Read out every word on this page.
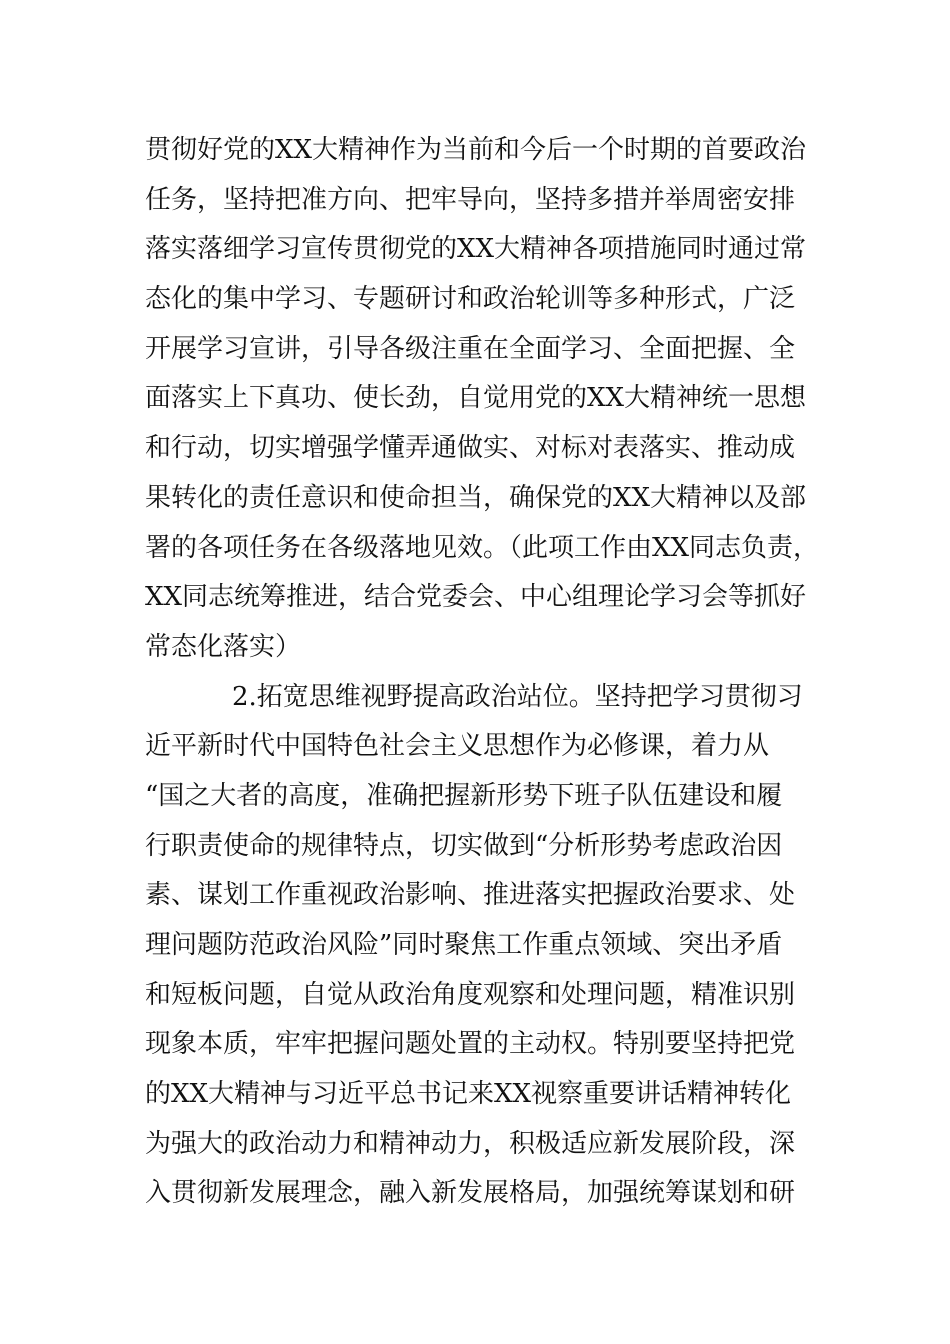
贯彻好党的XX大精神作为当前和今后一个时期的首要政治
任务，坚持把准方向、把牢导向，坚持多措并举周密安排
落实落细学习宣传贯彻党的XX大精神各项措施同时通过常
态化的集中学习、专题研讨和政治轮训等多种形式，广泛
开展学习宣讲，引导各级注重在全面学习、全面把握、全
面落实上下真功、使长劲，自觉用党的XX大精神统一思想
和行动，切实增强学懂弄通做实、对标对表落实、推动成
果转化的责任意识和使命担当，确保党的XX大精神以及部
署的各项任务在各级落地见效。（此项工作由XX同志负责，
XX同志统筹推进，结合党委会、中心组理论学习会等抓好
常态化落实）
2.拓宽思维视野提高政治站位。坚持把学习贯彻习
近平新时代中国特色社会主义思想作为必修课，着力从
“国之大者的高度，准确把握新形势下班子队伍建设和履
行职责使命的规律特点，切实做到“分析形势考虑政治因
素、谋划工作重视政治影响、推进落实把握政治要求、处
理问题防范政治风险”同时聚焦工作重点领域、突出矛盾
和短板问题，自觉从政治角度观察和处理问题，精准识别
现象本质，牢牢把握问题处置的主动权。特别要坚持把党
的XX大精神与习近平总书记来XX视察重要讲话精神转化
为强大的政治动力和精神动力，积极适应新发展阶段，深
入贯彻新发展理念，融入新发展格局，加强统筹谋划和研
